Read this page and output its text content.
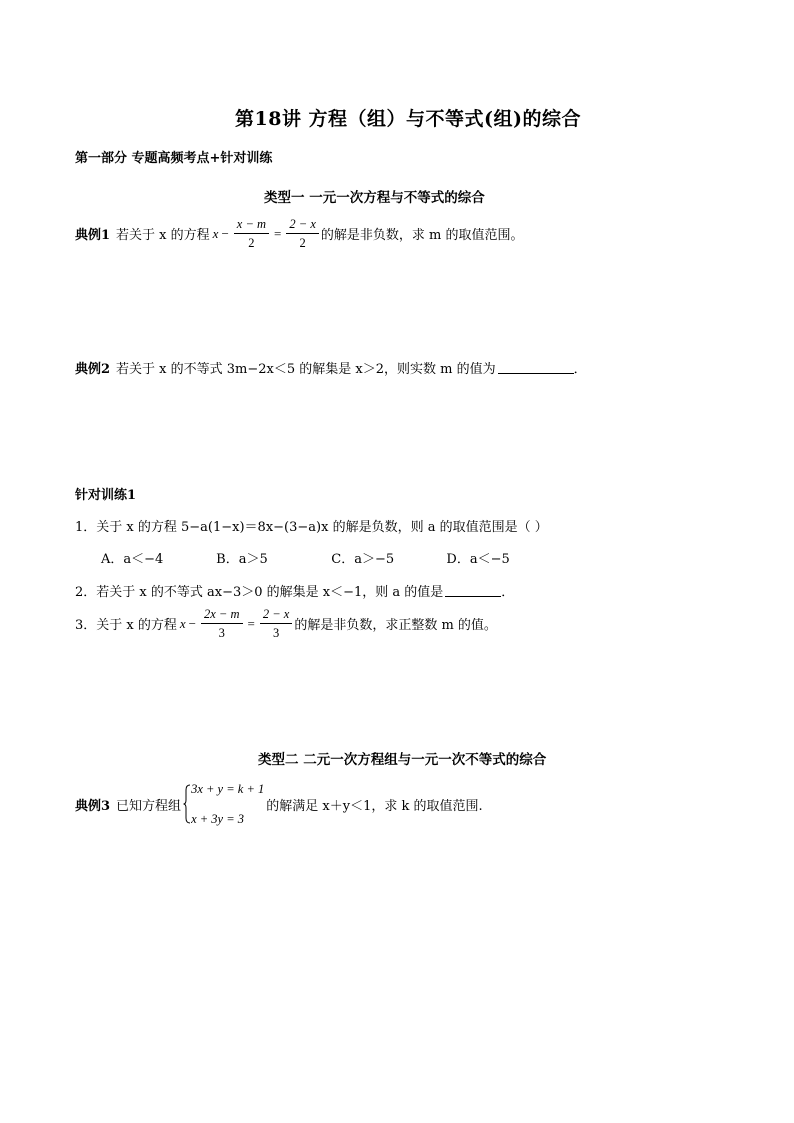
第18讲 方程（组）与不等式(组)的综合
第一部分 专题高频考点+针对训练
类型一 一元一次方程与不等式的综合
典例1 若关于 x 的方程 $x - \frac{x - m}{2} = \frac{2 - x}{2}$ 的解是非负数，求 m 的取值范围。
典例2 若关于 x 的不等式 3m−2x＜5 的解集是 x＞2，则实数 m 的值为	．
针对训练1
1．关于 x 的方程 5−a(1−x)＝8x−(3−a)x 的解是负数，则 a 的取值范围是（ ）
A．a＜−4	B．a＞5	C．a＞−5	D．a＜−5
2．若关于 x 的不等式 ax−3＞0 的解集是 x＜−1，则 a 的值是	．
3．关于 x 的方程 $x - \frac{2x - m}{3} = \frac{2 - x}{3}$ 的解是非负数，求正整数 m 的值。
类型二 二元一次方程组与一元一次不等式的综合
典例3 已知方程组
3x + y = k + 1
x + 3y = 3
的解满足 x＋y＜1，求 k 的取值范围.
